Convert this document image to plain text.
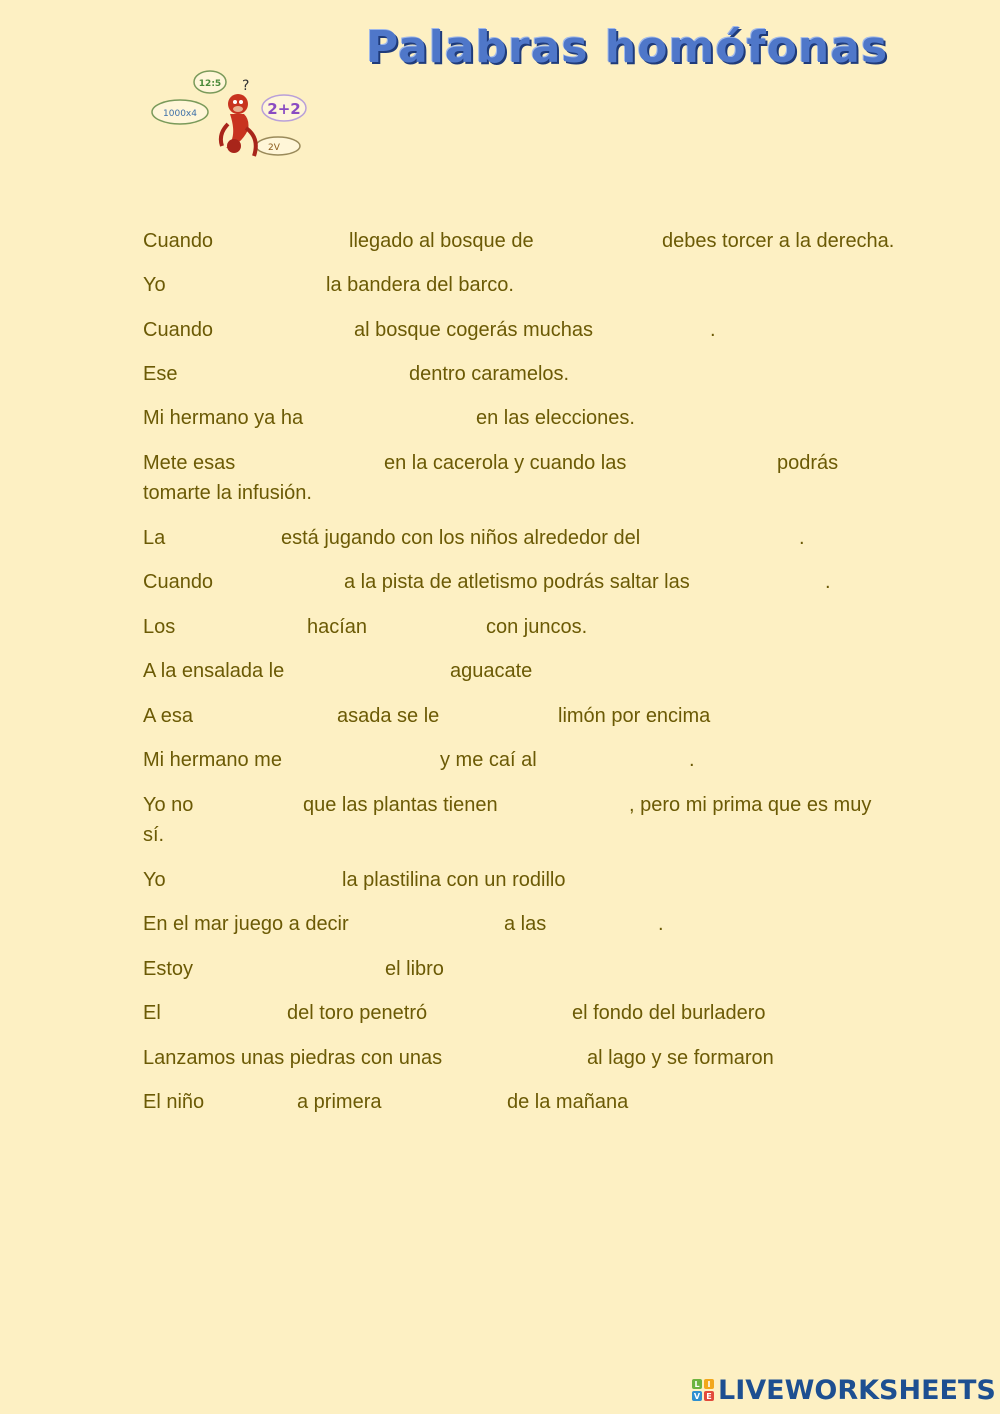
Palabras homófonas
1000x4
12:5
2+2
2V
?
Cuando	llegado al bosque de	debes torcer a la derecha.
Yo	la bandera del barco.
Cuando	al bosque cogerás muchas	.
Ese	dentro caramelos.
Mi hermano ya ha	en las elecciones.
Mete esas	en la cacerola y cuando las	podrás
tomarte la infusión.
La	está jugando con los niños alrededor del	.
Cuando	a la pista de atletismo podrás saltar las	.
Los	hacían	con juncos.
A la ensalada le	aguacate
A esa	asada se le	limón por encima
Mi hermano me	y me caí al	.
Yo no	que las plantas tienen	, pero mi prima que es muy
sí.
Yo	la plastilina con un rodillo
En el mar juego a decir	a las	.
Estoy	el libro
El	del toro penetró	el fondo del burladero
Lanzamos unas piedras con unas	al lago y se formaron
El niño	a primera	de la mañana
L I
V E LIVEWORKSHEETS
